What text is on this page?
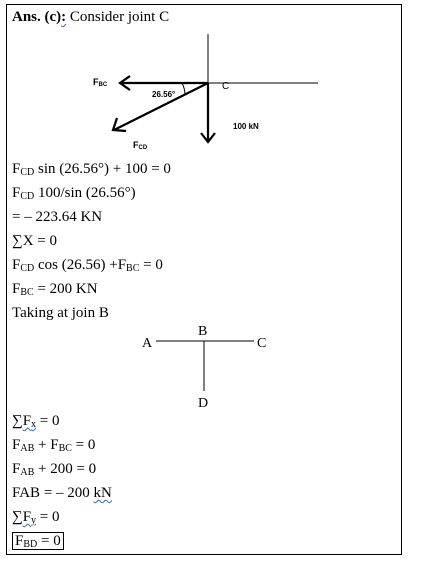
Ans. (c): Consider joint C
FBC
26.56°
C
100 kN
FCD
$F_{CD}$ sin (26.56°) + 100 = 0
$F_{CD}$ 100/sin (26.56°)
= – 223.64 KN
∑X = 0
$F_{CD}$ $\cos (26.56) +F_{BC} = 0$
$F_{BC} = 200$ KN
Taking at join B
A
B
C
D
$\sum F_x = 0$
$F_{AB} + F_{BC} = 0$
$F_{AB} + 200 = 0$
FAB = – 200 kN
$\sum F_y = 0$
$F_{BD} = 0$
